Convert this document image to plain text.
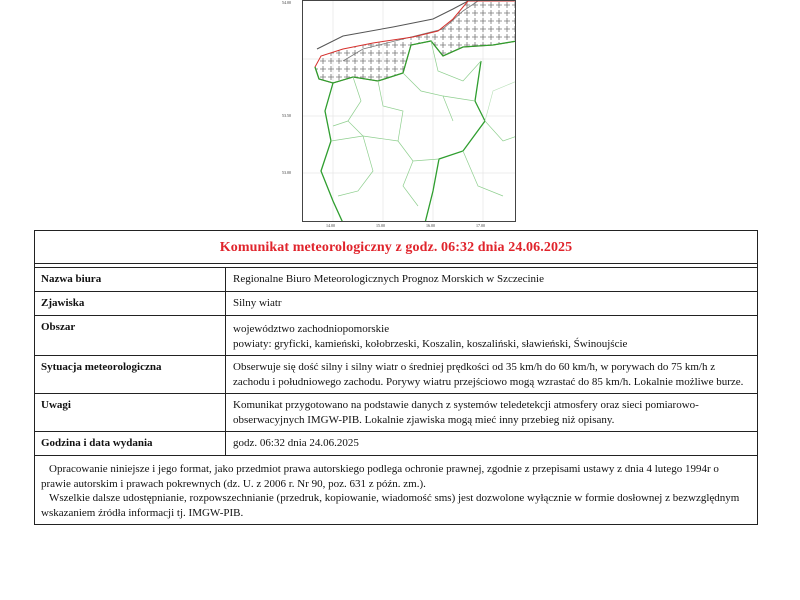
54.00
53.50
53.00
14.00	15.00	16.00	17.00
Komunikat meteorologiczny z godz. 06:32 dnia 24.06.2025
Nazwa biura	Regionalne Biuro Meteorologicznych Prognoz Morskich w Szczecinie
Zjawiska	Silny wiatr
Obszar	województwo zachodniopomorskie
powiaty: gryficki, kamieński, kołobrzeski, Koszalin, koszaliński, sławieński, Świnoujście
Sytuacja meteorologiczna	Obserwuje się dość silny i silny wiatr o średniej prędkości od 35 km/h do 60 km/h, w porywach do 75 km/h z zachodu i południowego zachodu. Porywy wiatru przejściowo mogą wzrastać do 85 km/h. Lokalnie możliwe burze.
Uwagi	Komunikat przygotowano na podstawie danych z systemów teledetekcji atmosfery oraz sieci pomiarowo-obserwacyjnych IMGW-PIB. Lokalnie zjawiska mogą mieć inny przebieg niż opisany.
Godzina i data wydania	godz. 06:32 dnia 24.06.2025

Opracowanie niniejsze i jego format, jako przedmiot prawa autorskiego podlega ochronie prawnej, zgodnie z przepisami ustawy z dnia 4 lutego 1994r o prawie autorskim i prawach pokrewnych (dz. U. z 2006 r. Nr 90, poz. 631 z późn. zm.).

Wszelkie dalsze udostępnianie, rozpowszechnianie (przedruk, kopiowanie, wiadomość sms) jest dozwolone wyłącznie w formie dosłownej z bezwzględnym wskazaniem źródła informacji tj. IMGW-PIB.
